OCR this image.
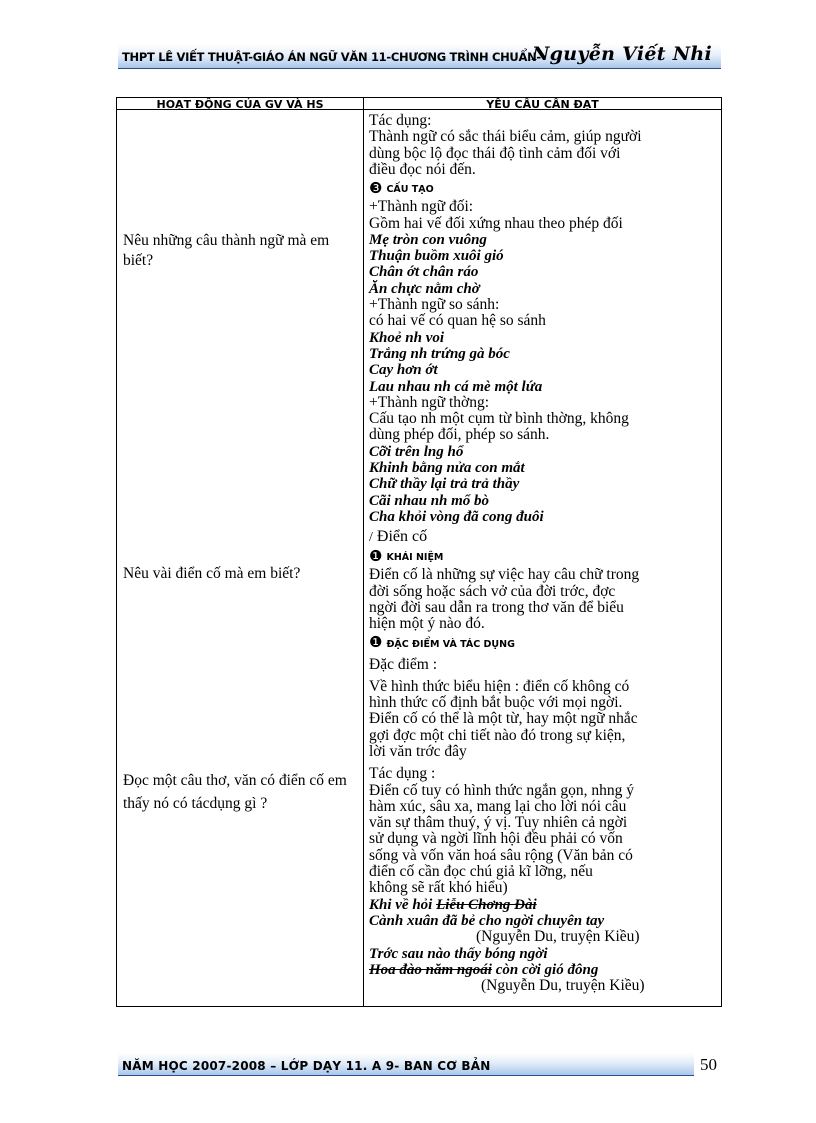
THPT LÊ VIẾT THUẬT-GIÁO ÁN NGỮ VĂN 11-CHƯƠNG TRÌNH CHUẨN-
Nguyễn Viết Nhi
HOẠT ĐỘNG CỦA GV VÀ HS	YÊU CẦU CẦN ĐẠT
Nêu những câu thành ngữ mà em biết?
Nêu vài điển cố mà em biết?
Đọc một câu thơ, văn có điển cố em thấy nó có tácdụng gì ?
Tác dụng:
Thành ngữ có sắc thái biểu cảm, giúp người
dùng bộc lộ đọc thái độ tình cảm đối với
điều đọc nói đến.
❸ CẤU TẠO
+Thành ngữ đối:
Gồm hai vế đối xứng nhau theo phép đối
Mẹ tròn con vuông
Thuận buồm xuôi gió
Chân ớt chân ráo
Ăn chực nằm chờ
+Thành ngữ so sánh:
có hai vế có quan hệ so sánh
Khoẻ nh voi
Trắng nh trứng gà bóc
Cay hơn ớt
Lau nhau nh cá mè một lứa
+Thành ngữ thờng:
Cấu tạo nh một cụm từ bình thờng, không
dùng phép đối, phép so sánh.
Cỡi trên lng hổ
Khinh bằng nửa con mắt
Chữ thầy lại trả trả thầy
Cãi nhau nh mổ bò
Cha khỏi vòng đã cong đuôi
/ Điển cố
❶ KHÁI NIỆM
Điển cố là những sự việc hay câu chữ trong
đời sống hoặc sách vở của đời trớc, đợc
ngời đời sau dẫn ra trong thơ văn để biểu
hiện một ý nào đó.
❶ ĐẶC ĐIỂM VÀ TÁC DỤNG
Đặc điểm :
Về hình thức biểu hiện : điển cố không có
hình thức cố định bắt buộc với mọi ngời.
Điển cố có thể là một từ, hay một ngữ nhắc
gợi đợc một chi tiết nào đó trong sự kiện,
lời văn trớc đây
Tác dụng :
Điển cố tuy có hình thức ngắn gọn, nhng ý
hàm xúc, sâu xa, mang lại cho lời nói câu
văn sự thâm thuý, ý vị. Tuy nhiên cả ngời
sử dụng và ngời lĩnh hội đều phải có vốn
sống và vốn văn hoá sâu rộng (Văn bản có
điển cố cần đọc chú giả kĩ lỡng, nếu
không sẽ rất khó hiểu)
Khi về hỏi Liễu Chơng Đài
Cành xuân đã bẻ cho ngời chuyên tay
(Nguyễn Du, truyện Kiều)
Trớc sau nào thấy bóng ngời
Hoa đào năm ngoái còn cời gió đông
(Nguyễn Du, truyện Kiều)
NĂM HỌC 2007-2008 – LỚP DẠY 11. A 9- BAN CƠ BẢN	50
